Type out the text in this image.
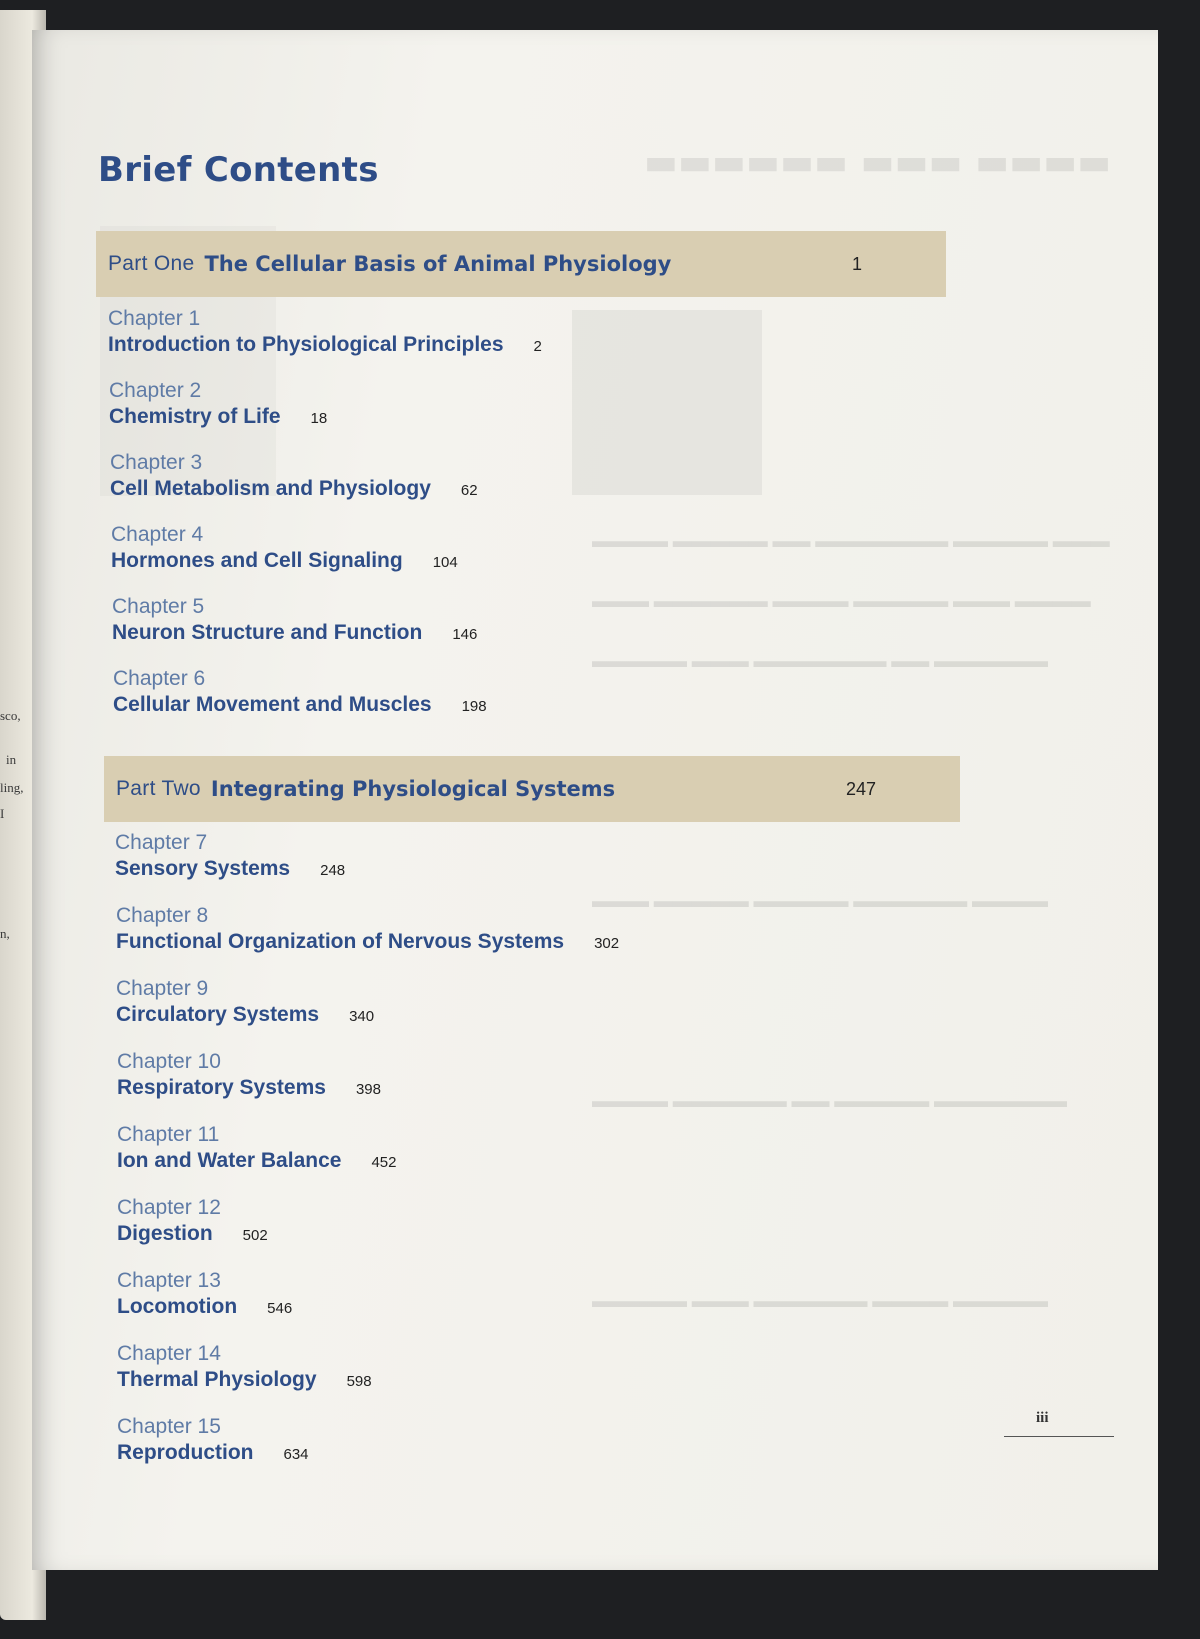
sco,
in
ling,
I
n,
▬▬▬▬ ▬▬▬ ▬▬▬▬▬▬
▬▬▬▬ ▬▬▬▬▬ ▬▬ ▬▬▬▬▬▬▬ ▬▬▬▬▬ ▬▬▬
▬▬▬ ▬▬▬▬▬▬ ▬▬▬▬ ▬▬▬▬▬ ▬▬▬ ▬▬▬▬
▬▬▬▬▬ ▬▬▬ ▬▬▬▬▬▬▬ ▬▬ ▬▬▬▬▬▬
▬▬▬ ▬▬▬▬▬ ▬▬▬▬▬ ▬▬▬▬▬▬ ▬▬▬▬
▬▬▬▬ ▬▬▬▬▬▬ ▬▬ ▬▬▬▬▬ ▬▬▬▬▬▬▬
▬▬▬▬▬ ▬▬▬ ▬▬▬▬▬▬ ▬▬▬▬ ▬▬▬▬▬
Brief Contents
Part One The Cellular Basis of Animal Physiology	1
Chapter 1
Introduction to Physiological Principles 2
Chapter 2
Chemistry of Life 18
Chapter 3
Cell Metabolism and Physiology 62
Chapter 4
Hormones and Cell Signaling 104
Chapter 5
Neuron Structure and Function 146
Chapter 6
Cellular Movement and Muscles 198
Part Two Integrating Physiological Systems	247
Chapter 7
Sensory Systems 248
Chapter 8
Functional Organization of Nervous Systems 302
Chapter 9
Circulatory Systems 340
Chapter 10
Respiratory Systems 398
Chapter 11
Ion and Water Balance 452
Chapter 12
Digestion 502
Chapter 13
Locomotion 546
Chapter 14
Thermal Physiology 598
Chapter 15
Reproduction 634
iii
